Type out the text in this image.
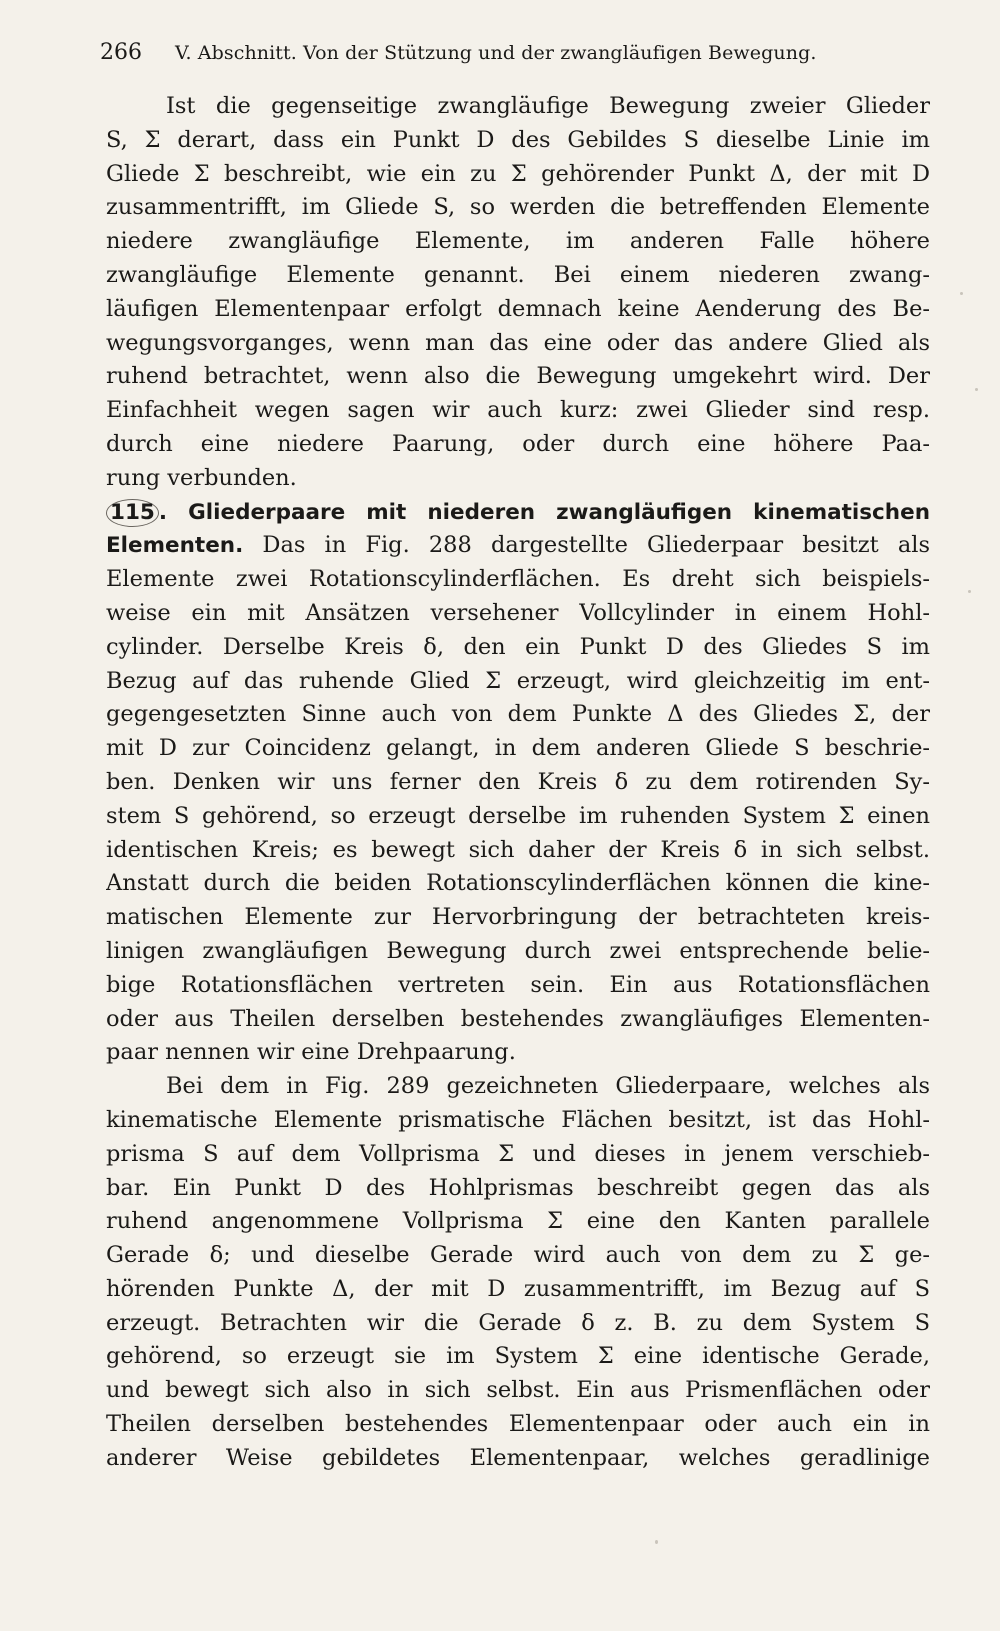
266 V. Abschnitt. Von der Stützung und der zwangläufigen Bewegung.
Ist die gegenseitige zwangläufige Bewegung zweier Glieder
S, Σ derart, dass ein Punkt D des Gebildes S dieselbe Linie im
Gliede Σ beschreibt, wie ein zu Σ gehörender Punkt Δ, der mit D
zusammentrifft, im Gliede S, so werden die betreffenden Elemente
niedere zwangläufige Elemente, im anderen Falle höhere
zwangläufige Elemente genannt. Bei einem niederen zwang-
läufigen Elementenpaar erfolgt demnach keine Aenderung des Be-
wegungsvorganges, wenn man das eine oder das andere Glied als
ruhend betrachtet, wenn also die Bewegung umgekehrt wird. Der
Einfachheit wegen sagen wir auch kurz: zwei Glieder sind resp.
durch eine niedere Paarung, oder durch eine höhere Paa-
rung verbunden.
115 . Gliederpaare mit niederen zwangläufigen kinematischen
Elementen. Das in Fig. 288 dargestellte Gliederpaar besitzt als
Elemente zwei Rotationscylinderflächen. Es dreht sich beispiels-
weise ein mit Ansätzen versehener Vollcylinder in einem Hohl-
cylinder. Derselbe Kreis δ, den ein Punkt D des Gliedes S im
Bezug auf das ruhende Glied Σ erzeugt, wird gleichzeitig im ent-
gegengesetzten Sinne auch von dem Punkte Δ des Gliedes Σ, der
mit D zur Coincidenz gelangt, in dem anderen Gliede S beschrie-
ben. Denken wir uns ferner den Kreis δ zu dem rotirenden Sy-
stem S gehörend, so erzeugt derselbe im ruhenden System Σ einen
identischen Kreis; es bewegt sich daher der Kreis δ in sich selbst.
Anstatt durch die beiden Rotationscylinderflächen können die kine-
matischen Elemente zur Hervorbringung der betrachteten kreis-
linigen zwangläufigen Bewegung durch zwei entsprechende belie-
bige Rotationsflächen vertreten sein. Ein aus Rotationsflächen
oder aus Theilen derselben bestehendes zwangläufiges Elementen-
paar nennen wir eine Drehpaarung.
Bei dem in Fig. 289 gezeichneten Gliederpaare, welches als
kinematische Elemente prismatische Flächen besitzt, ist das Hohl-
prisma S auf dem Vollprisma Σ und dieses in jenem verschieb-
bar. Ein Punkt D des Hohlprismas beschreibt gegen das als
ruhend angenommene Vollprisma Σ eine den Kanten parallele
Gerade δ; und dieselbe Gerade wird auch von dem zu Σ ge-
hörenden Punkte Δ, der mit D zusammentrifft, im Bezug auf S
erzeugt. Betrachten wir die Gerade δ z. B. zu dem System S
gehörend, so erzeugt sie im System Σ eine identische Gerade,
und bewegt sich also in sich selbst. Ein aus Prismenflächen oder
Theilen derselben bestehendes Elementenpaar oder auch ein in
anderer Weise gebildetes Elementenpaar, welches geradlinige
